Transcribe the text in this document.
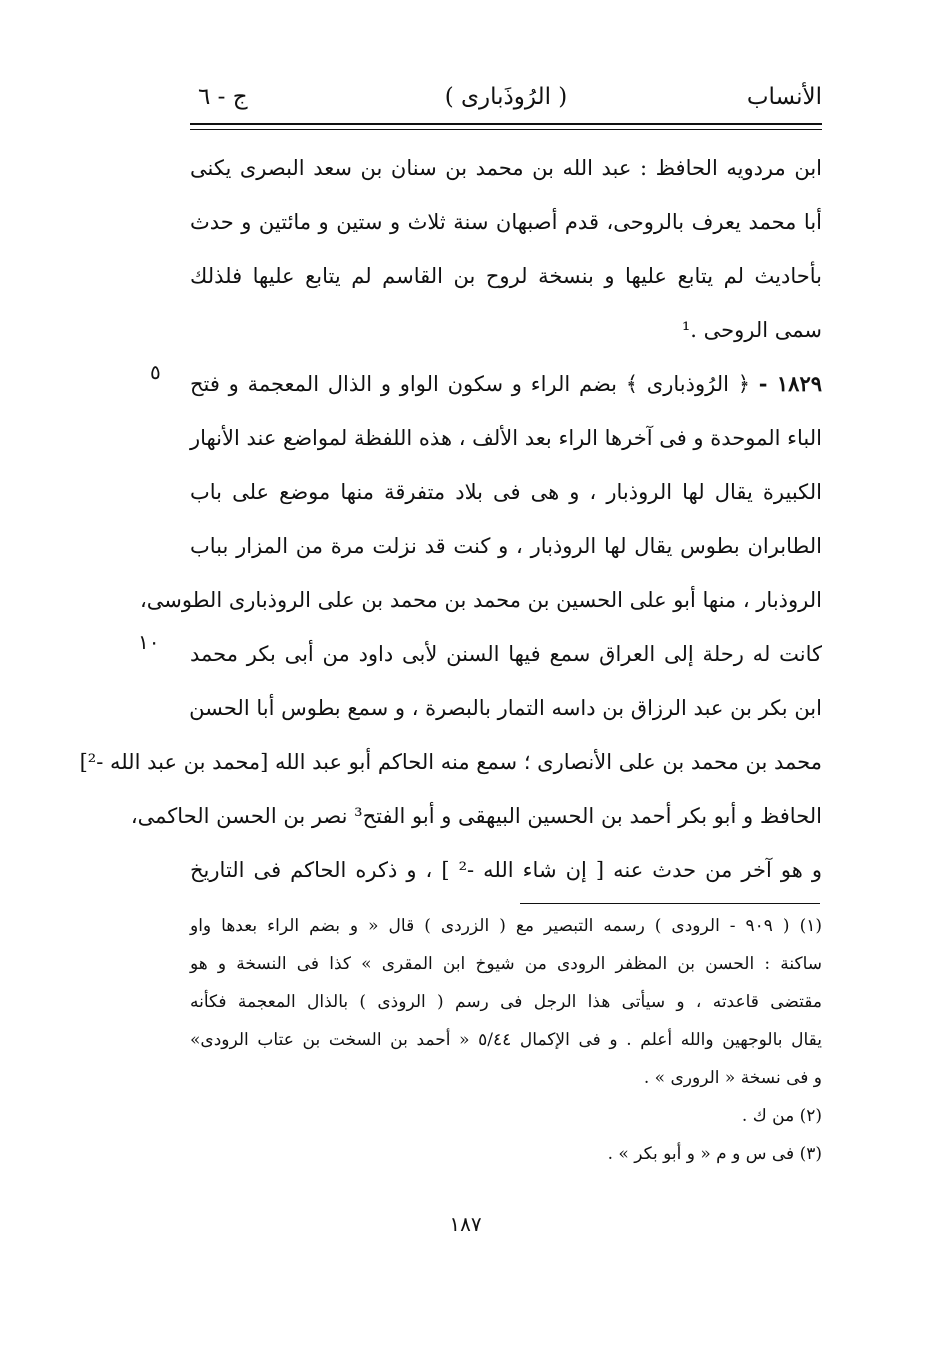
الأنساب
( الرُوذَبارى )
ج - ٦
ابن مردويه الحافظ : عبد الله بن محمد بن سنان بن سعد البصرى يكنى
أبا محمد يعرف بالروحى، قدم أصبهان سنة ثلاث و ستين و مائتين و حدث
بأحاديث لم يتابع عليها و بنسخة لروح بن القاسم لم يتابع عليها فلذلك
سمى الروحى .¹
١٨٢٩ - ﴿ الرُوذبارى ﴾ بضم الراء و سكون الواو و الذال المعجمة و فتح
الباء الموحدة و فى آخرها الراء بعد الألف ، هذه اللفظة لمواضع عند الأنهار
الكبيرة يقال لها الروذبار ، و هى فى بلاد متفرقة منها موضع على باب
الطابران بطوس يقال لها الروذبار ، و كنت قد نزلت مرة من المزار بباب
الروذبار ، منها أبو على الحسين بن محمد بن محمد بن على الروذبارى الطوسى،
كانت له رحلة إلى العراق سمع فيها السنن لأبى داود من أبى بكر محمد
ابن بكر بن عبد الرزاق بن داسه التمار بالبصرة ، و سمع بطوس أبا الحسن
محمد بن محمد بن على الأنصارى ؛ سمع منه الحاكم أبو عبد الله [محمد بن عبد الله -²]
الحافظ و أبو بكر أحمد بن الحسين البيهقى و أبو الفتح³ نصر بن الحسن الحاكمى،
و هو آخر من حدث عنه [ إن شاء الله -² ] ، و ذكره الحاكم فى التاريخ
٥
١٠
(١) ( ٩٠٩ - الرودى ) رسمه التبصير مع ( الزردى ) قال « و بضم الراء بعدها واو
ساكنة : الحسن بن المظفر الرودى من شيوخ ابن المقرى » كذا فى النسخة و هو
مقتضى قاعدته ، و سيأتى هذا الرجل فى رسم ( الروذى ) بالذال المعجمة فكأنه
يقال بالوجهين والله أعلم . و فى الإكمال ٥/٤٤ « أحمد بن السخت بن عتاب الرودى»
و فى نسخة « الرورى » .
(٢) من ك .
(٣) فى س و م « و أبو بكر » .
١٨٧
